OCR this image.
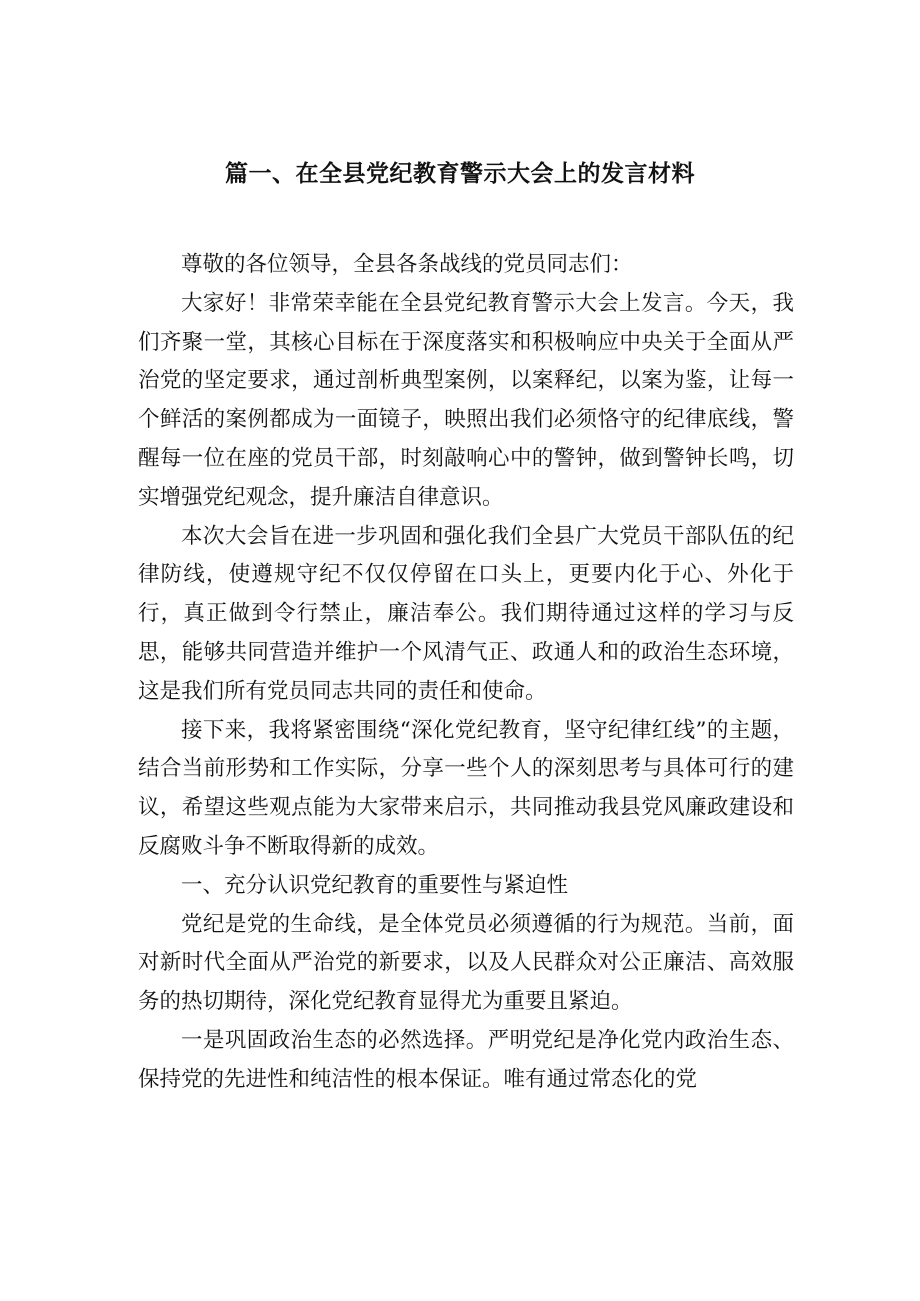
篇一、在全县党纪教育警示大会上的发言材料

尊敬的各位领导，全县各条战线的党员同志们：

大家好！非常荣幸能在全县党纪教育警示大会上发言。今天，我们齐聚一堂，其核心目标在于深度落实和积极响应中央关于全面从严治党的坚定要求，通过剖析典型案例，以案释纪，以案为鉴，让每一个鲜活的案例都成为一面镜子，映照出我们必须恪守的纪律底线，警醒每一位在座的党员干部，时刻敲响心中的警钟，做到警钟长鸣，切实增强党纪观念，提升廉洁自律意识。

本次大会旨在进一步巩固和强化我们全县广大党员干部队伍的纪律防线，使遵规守纪不仅仅停留在口头上，更要内化于心、外化于行，真正做到令行禁止，廉洁奉公。我们期待通过这样的学习与反思，能够共同营造并维护一个风清气正、政通人和的政治生态环境，这是我们所有党员同志共同的责任和使命。

接下来，我将紧密围绕“深化党纪教育，坚守纪律红线”的主题，结合当前形势和工作实际，分享一些个人的深刻思考与具体可行的建议，希望这些观点能为大家带来启示，共同推动我县党风廉政建设和反腐败斗争不断取得新的成效。

一、充分认识党纪教育的重要性与紧迫性

党纪是党的生命线，是全体党员必须遵循的行为规范。当前，面对新时代全面从严治党的新要求，以及人民群众对公正廉洁、高效服务的热切期待，深化党纪教育显得尤为重要且紧迫。

一是巩固政治生态的必然选择。严明党纪是净化党内政治生态、保持党的先进性和纯洁性的根本保证。唯有通过常态化的党
